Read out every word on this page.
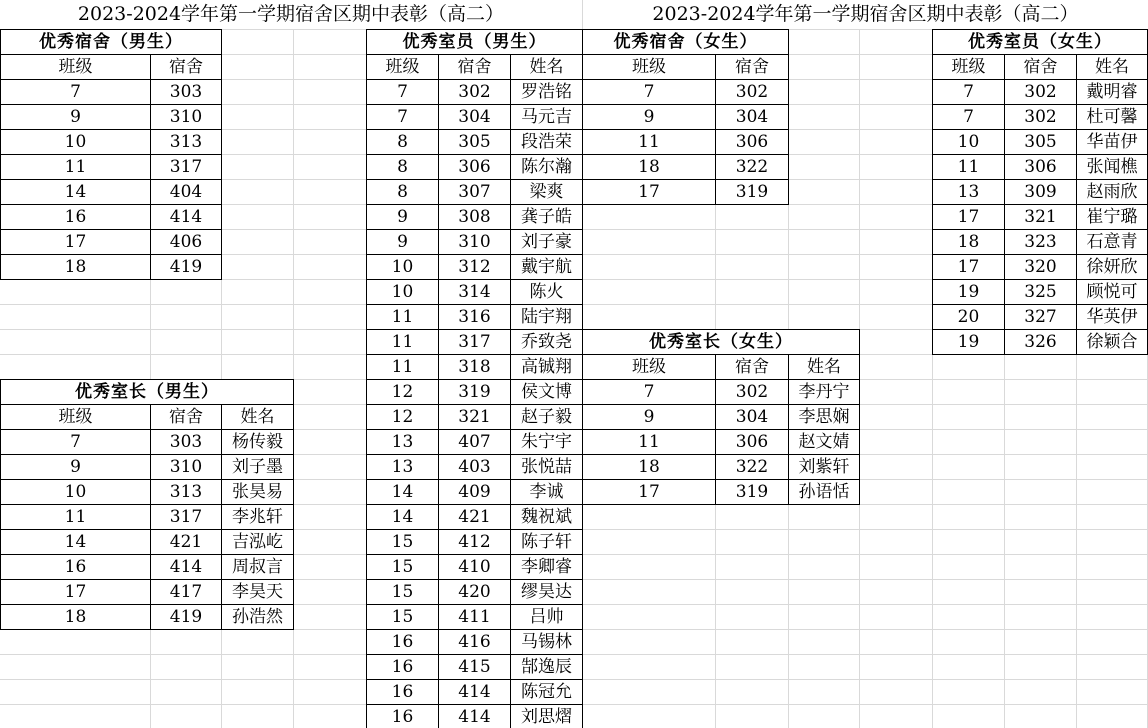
2023-2024学年第一学期宿舍区期中表彰（高二）	2023-2024学年第一学期宿舍区期中表彰（高二）
优秀宿舍（男生）
班级	宿舍
7	303
9	310
10	313
11	317
14	404
16	414
17	406
18	419
优秀室员（男生）
班级	宿舍	姓名
7	302	罗浩铭
7	304	马元吉
8	305	段浩荣
8	306	陈尔瀚
8	307	梁爽
9	308	龚子皓
9	310	刘子豪
10	312	戴宇航
10	314	陈火
11	316	陆宇翔
11	317	乔致尧
11	318	高铖翔
12	319	侯文博
12	321	赵子毅
13	407	朱宁宇
13	403	张悦喆
14	409	李诚
14	421	魏祝斌
15	412	陈子轩
15	410	李卿睿
15	420	缪昊达
15	411	吕帅
16	416	马锡林
16	415	郜逸辰
16	414	陈冠允
16	414	刘思熠
优秀宿舍（女生）
班级	宿舍
7	302
9	304
11	306
18	322
17	319
优秀室员（女生）
班级	宿舍	姓名
7	302	戴明睿
7	302	杜可馨
10	305	华苗伊
11	306	张闻樵
13	309	赵雨欣
17	321	崔宁璐
18	323	石意青
17	320	徐妍欣
19	325	顾悦可
20	327	华英伊
19	326	徐颖合
优秀室长（女生）
班级	宿舍	姓名
7	302	李丹宁
9	304	李思娴
11	306	赵文婧
18	322	刘紫轩
17	319	孙语恬
优秀室长（男生）
班级	宿舍	姓名
7	303	杨传毅
9	310	刘子墨
10	313	张昊易
11	317	李兆轩
14	421	吉泓屹
16	414	周叔言
17	417	李昊天
18	419	孙浩然
